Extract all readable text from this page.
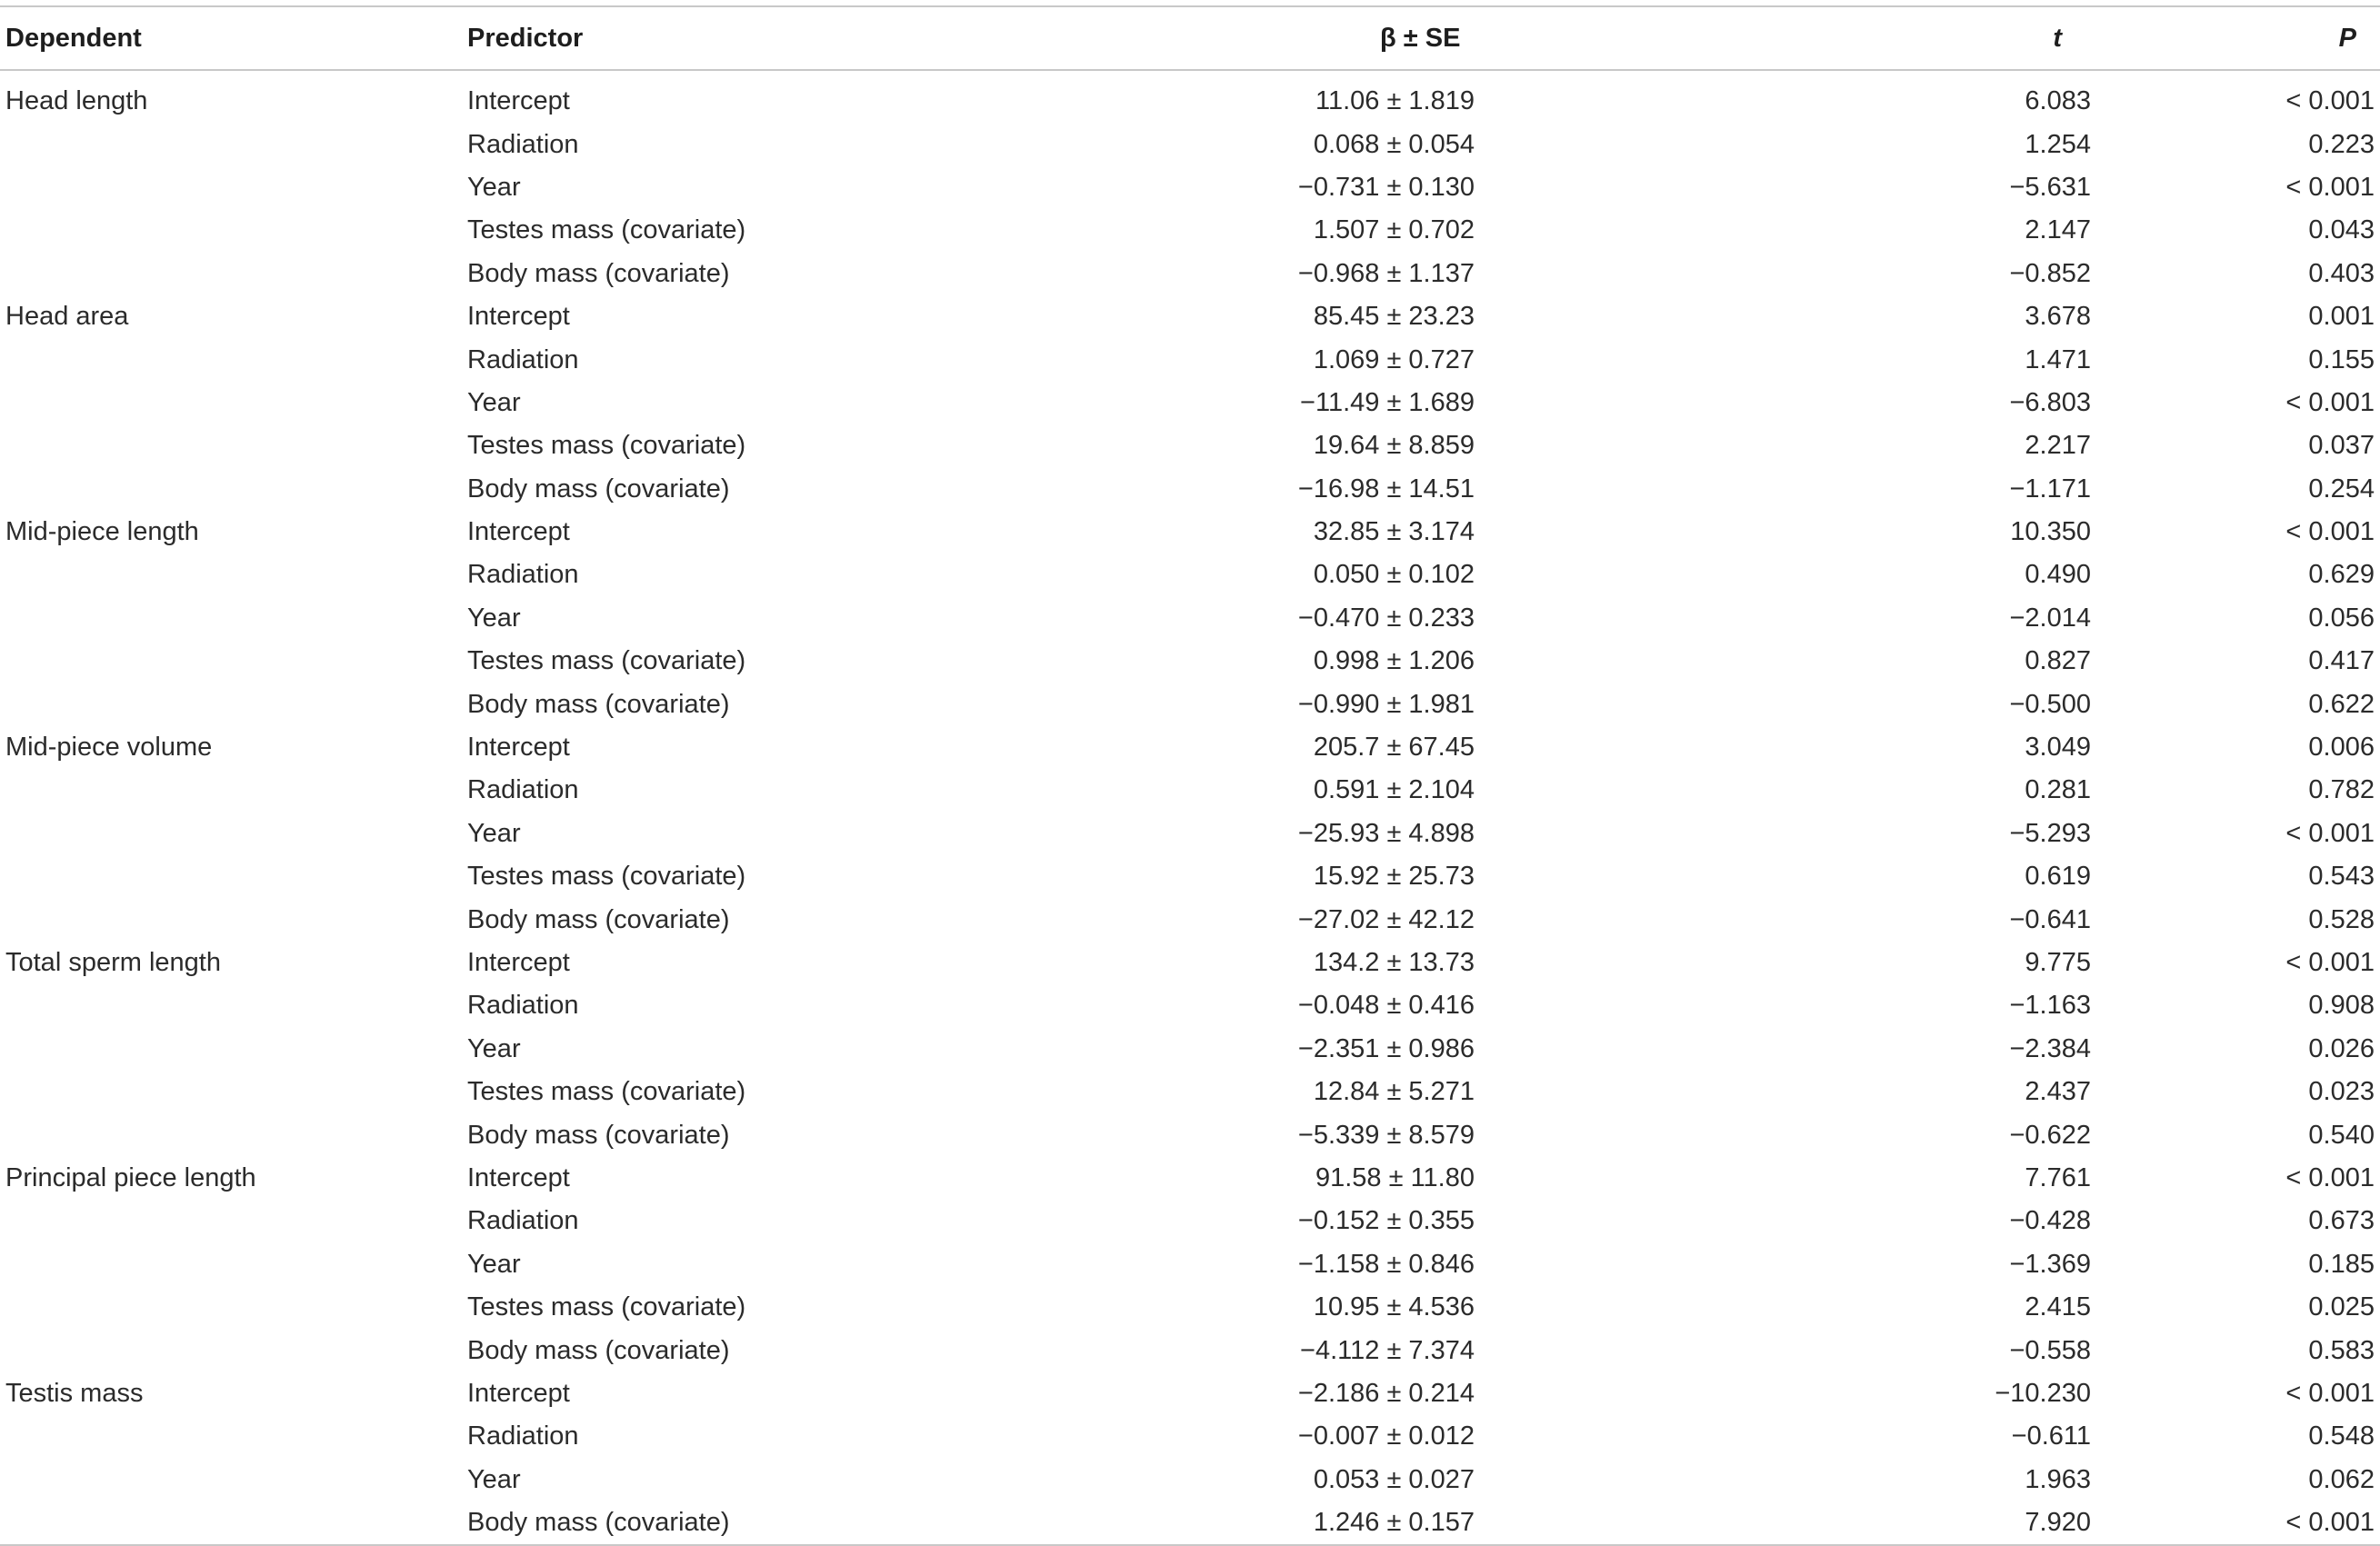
Dependent	Predictor	β ± SE	t	P
Head length	Intercept	11.06 ± 1.819	6.083	< 0.001
	Radiation	0.068 ± 0.054	1.254	0.223
	Year	−0.731 ± 0.130	−5.631	< 0.001
	Testes mass (covariate)	1.507 ± 0.702	2.147	0.043
	Body mass (covariate)	−0.968 ± 1.137	−0.852	0.403
Head area	Intercept	85.45 ± 23.23	3.678	0.001
	Radiation	1.069 ± 0.727	1.471	0.155
	Year	−11.49 ± 1.689	−6.803	< 0.001
	Testes mass (covariate)	19.64 ± 8.859	2.217	0.037
	Body mass (covariate)	−16.98 ± 14.51	−1.171	0.254
Mid-piece length	Intercept	32.85 ± 3.174	10.350	< 0.001
	Radiation	0.050 ± 0.102	0.490	0.629
	Year	−0.470 ± 0.233	−2.014	0.056
	Testes mass (covariate)	0.998 ± 1.206	0.827	0.417
	Body mass (covariate)	−0.990 ± 1.981	−0.500	0.622
Mid-piece volume	Intercept	205.7 ± 67.45	3.049	0.006
	Radiation	0.591 ± 2.104	0.281	0.782
	Year	−25.93 ± 4.898	−5.293	< 0.001
	Testes mass (covariate)	15.92 ± 25.73	0.619	0.543
	Body mass (covariate)	−27.02 ± 42.12	−0.641	0.528
Total sperm length	Intercept	134.2 ± 13.73	9.775	< 0.001
	Radiation	−0.048 ± 0.416	−1.163	0.908
	Year	−2.351 ± 0.986	−2.384	0.026
	Testes mass (covariate)	12.84 ± 5.271	2.437	0.023
	Body mass (covariate)	−5.339 ± 8.579	−0.622	0.540
Principal piece length	Intercept	91.58 ± 11.80	7.761	< 0.001
	Radiation	−0.152 ± 0.355	−0.428	0.673
	Year	−1.158 ± 0.846	−1.369	0.185
	Testes mass (covariate)	10.95 ± 4.536	2.415	0.025
	Body mass (covariate)	−4.112 ± 7.374	−0.558	0.583
Testis mass	Intercept	−2.186 ± 0.214	−10.230	< 0.001
	Radiation	−0.007 ± 0.012	−0.611	0.548
	Year	0.053 ± 0.027	1.963	0.062
	Body mass (covariate)	1.246 ± 0.157	7.920	< 0.001
